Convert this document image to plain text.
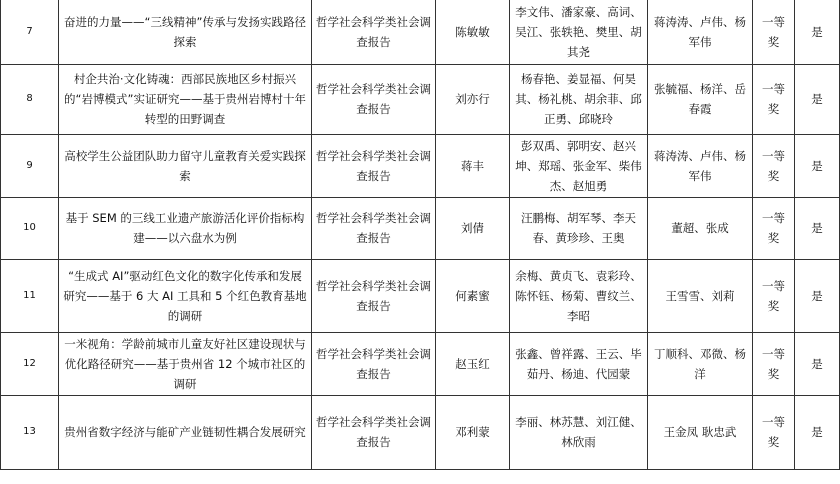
7	奋进的力量——“三线精神”传承与发扬实践路径探索	哲学社会科学类社会调查报告	陈敏敏	李文伟、潘家豪、高词、吴江、张轶艳、樊里、胡其尧	蒋涛涛、卢伟、杨军伟	一等奖	是
8	村企共治·文化铸魂：西部民族地区乡村振兴的“岩博模式”实证研究——基于贵州岩博村十年转型的田野调查	哲学社会科学类社会调查报告	刘亦行	杨春艳、姜显福、何昊其、杨礼桃、胡余菲、邱正勇、邱晓玲	张毓福、杨洋、岳春霞	一等奖	是
9	高校学生公益团队助力留守儿童教育关爱实践探索	哲学社会科学类社会调查报告	蒋丰	彭双禹、郭明安、赵兴坤、郑瑶、张金军、柴伟杰、赵旭勇	蒋涛涛、卢伟、杨军伟	一等奖	是
10	基于 SEM 的三线工业遗产旅游活化评价指标构建——以六盘水为例	哲学社会科学类社会调查报告	刘倩	汪鹏梅、胡军琴、李天春、黄珍珍、王奥	董超、张成	一等奖	是
11	“生成式 AI”驱动红色文化的数字化传承和发展研究——基于 6 大 AI 工具和 5 个红色教育基地的调研	哲学社会科学类社会调查报告	何素蜜	余梅、黄贞飞、袁彩玲、陈怀钰、杨菊、曹纹兰、李昭	王雪雪、刘莉	一等奖	是
12	一米视角：学龄前城市儿童友好社区建设现状与优化路径研究——基于贵州省 12 个城市社区的调研	哲学社会科学类社会调查报告	赵玉红	张鑫、曾祥露、王云、毕茹丹、杨迪、代园蒙	丁顺科、邓微、杨洋	一等奖	是
13	贵州省数字经济与能矿产业链韧性耦合发展研究	哲学社会科学类社会调查报告	邓利蒙	李丽、林苏慧、刘江健、林欣雨	王金凤 耿忠武	一等奖	是
